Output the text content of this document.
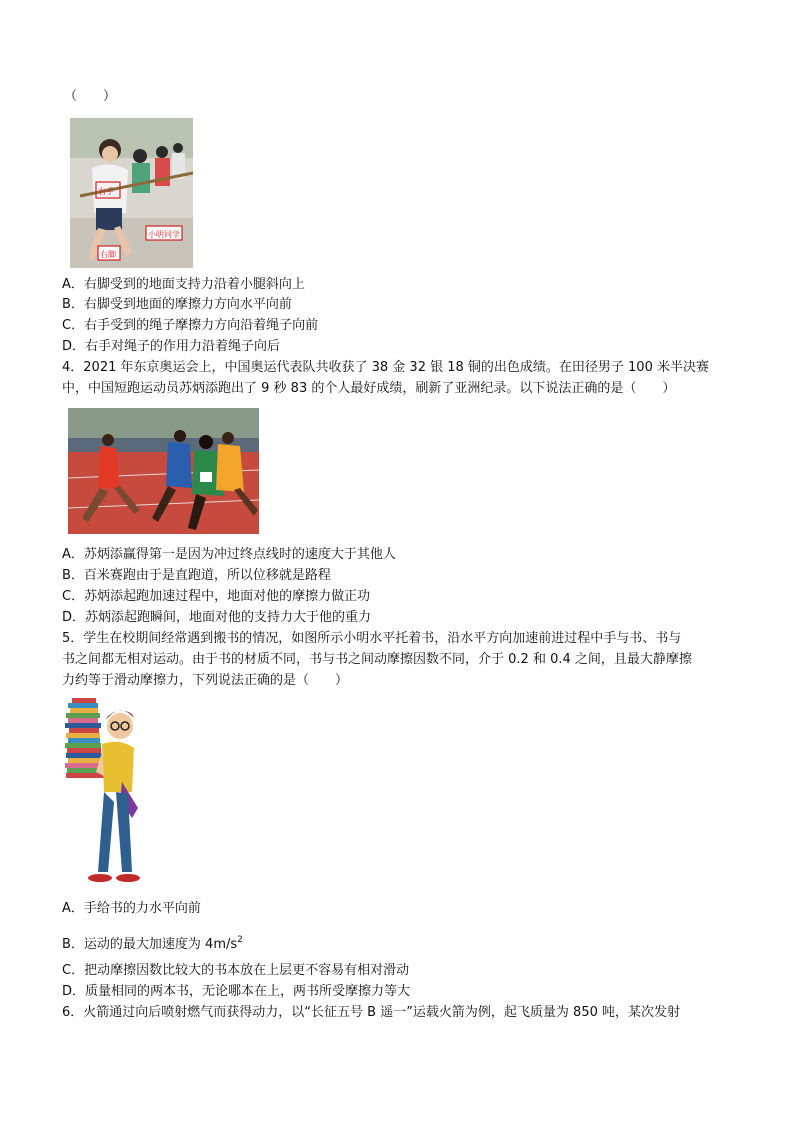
（　　）
右手
小明同学
右脚
A．右脚受到的地面支持力沿着小腿斜向上
B．右脚受到地面的摩擦力方向水平向前
C．右手受到的绳子摩擦力方向沿着绳子向前
D．右手对绳子的作用力沿着绳子向后
4．2021 年东京奥运会上，中国奥运代表队共收获了 38 金 32 银 18 铜的出色成绩。在田径男子 100 米半决赛
中，中国短跑运动员苏炳添跑出了 9 秒 83 的个人最好成绩，刷新了亚洲纪录。以下说法正确的是（　　）
A．苏炳添赢得第一是因为冲过终点线时的速度大于其他人
B．百米赛跑由于是直跑道，所以位移就是路程
C．苏炳添起跑加速过程中，地面对他的摩擦力做正功
D．苏炳添起跑瞬间，地面对他的支持力大于他的重力
5．学生在校期间经常遇到搬书的情况，如图所示小明水平托着书，沿水平方向加速前进过程中手与书、书与
书之间都无相对运动。由于书的材质不同，书与书之间动摩擦因数不同，介于 0.2 和 0.4 之间，且最大静摩擦
力约等于滑动摩擦力，下列说法正确的是（　　）
A．手给书的力水平向前
B．运动的最大加速度为 $4m/s^2$
C．把动摩擦因数比较大的书本放在上层更不容易有相对滑动
D．质量相同的两本书，无论哪本在上，两书所受摩擦力等大
6．火箭通过向后喷射燃气而获得动力，以“长征五号 B 遥一”运载火箭为例，起飞质量为 850 吨，某次发射
